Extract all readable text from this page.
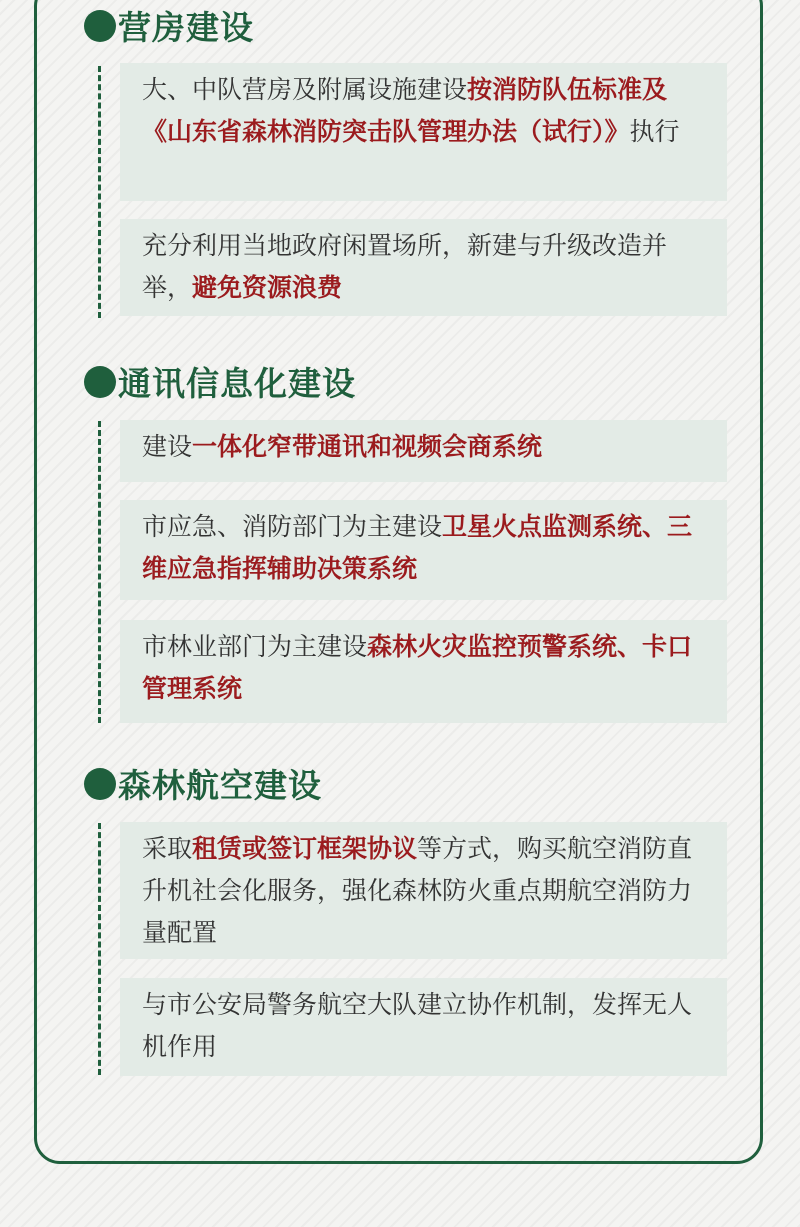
营房建设
大、中队营房及附属设施建设按消防队伍标准及《山东省森林消防突击队管理办法（试行）》执行
充分利用当地政府闲置场所，新建与升级改造并举，避免资源浪费
通讯信息化建设
建设一体化窄带通讯和视频会商系统
市应急、消防部门为主建设卫星火点监测系统、三维应急指挥辅助决策系统
市林业部门为主建设森林火灾监控预警系统、卡口管理系统
森林航空建设
采取租赁或签订框架协议等方式，购买航空消防直升机社会化服务，强化森林防火重点期航空消防力量配置
与市公安局警务航空大队建立协作机制，发挥无人机作用
